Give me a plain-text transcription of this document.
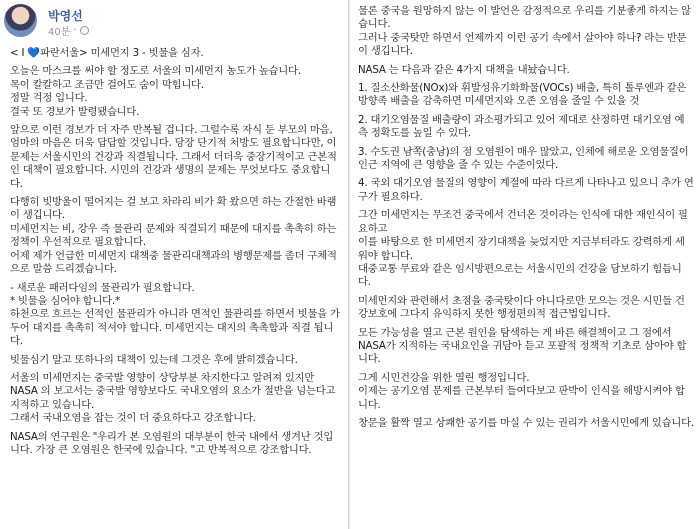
박영선
40분 ·

< I 💙파란서울> 미세먼지 3 - 빗물을 심자.

오늘은 마스크를 써야 할 정도로 서울의 미세먼지 농도가 높습니다.
목이 칼칼하고 조금만 걸어도 숨이 막힙니다.
정말 걱정 입니다.
결국 또 경보가 발령됐습니다.

앞으로 이런 경보가 더 자주 반복될 겁니다. 그럴수록 자식 둔 부모의 마음, 엄마의 마음은 더욱 답답할 것입니다. 당장 단기적 처방도 필요합니다만, 이 문제는 서울시민의 건강과 직결됩니다. 그래서 더더욱 중장기적이고 근본적인 대책이 필요합니다. 시민의 건강과 생명의 문제는 무엇보다도 중요합니다.

다행히 빗방울이 떨어지는 걸 보고 차라리 비가 확 왔으면 하는 간절한 바램이 생깁니다.
미세먼지는 비, 강우 즉 물관리 문제와 직결되기 때문에 대지를 촉촉히 하는 정책이 우선적으로 필요합니다.
어제 제가 언급한 미세먼지 대책중 물관리대책과의 병행문제를 좀더 구체적으로 말씀 드리겠습니다.

- 새로운 패러다임의 물관리가 필요합니다.
* 빗물을 심어야 합니다.*
하천으로 흐르는 선적인 물관리가 아니라 면적인 물관리를 하면서 빗물을 가두어 대지를 촉촉히 적셔야 합니다. 미세먼지는 대지의 촉촉함과 직결 됩니다.

빗물심기 말고 또하나의 대책이 있는데 그것은 후에 밝히겠습니다.

서울의 미세먼지는 중국발 영향이 상당부분 차지한다고 알려져 있지만 NASA 의 보고서는 중국발 영향보다도 국내오염의 요소가 절반을 넘는다고 지적하고 있습니다.
그래서 국내오염을 잡는 것이 더 중요하다고 강조합니다.

NASA의 연구원은 "우리가 본 오염원의 대부분이 한국 내에서 생겨난 것입니다. 가장 큰 오염원은 한국에 있습니다. "고 반복적으로 강조합니다.

물론 중국을 원망하지 않는 이 발언은 감정적으로 우리를 기분좋게 하지는 않습니다.
그러나 중국탓만 하면서 언제까지 이런 공기 속에서 살아야 하나? 라는 반문이 생깁니다.

NASA 는 다음과 같은 4가지 대책을 내놨습니다.

1. 질소산화물(NOx)와 휘발성유기화화물(VOCs) 배출, 특히 톨루엔과 같은 방향족 배출을 감축하면 미세먼지와 오존 오염을 줄일 수 있을 것

2. 대기오염물질 배출량이 과소평가되고 있어 제대로 산정하면 대기오염 예측 정확도를 높일 수 있다.

3. 수도권 남쪽(충남)의 점 오염원이 매우 많았고, 인체에 해로운 오염물질이 인근 지역에 큰 영향을 줄 수 있는 수준이었다.

4. 국외 대기오염 물질의 영향이 계절에 따라 다르게 나타나고 있으니 추가 연구가 필요하다.

그간 미세먼지는 무조건 중국에서 건너온 것이라는 인식에 대한 재인식이 필요하고
이를 바탕으로 한 미세먼지 장기대책을 늦었지만 지금부터라도 강력하게 세워야 합니다.
대중교통 무료와 같은 임시방편으로는 서울시민의 건강을 담보하기 힘듭니다.

미세먼지와 관련해서 초점을 중국탓이다 아니다로만 모으는 것은 시민들 건강보호에 그다지 유익하지 못한 행정편의적 접근법입니다.

모든 가능성을 열고 근본 원인을 탐색하는 게 바른 해결책이고 그 점에서 NASA가 지적하는 국내요인을 귀담아 듣고 포괄적 정책적 기초로 삼아야 합니다.

그게 시민건강을 위한 열린 행정입니다.
이제는 공기오염 문제를 근본부터 들여다보고 판박이 인식을 해방시켜야 합니다.

창문을 활짝 열고 상쾌한 공기를 마실 수 있는 권리가 서울시민에게 있습니다.
